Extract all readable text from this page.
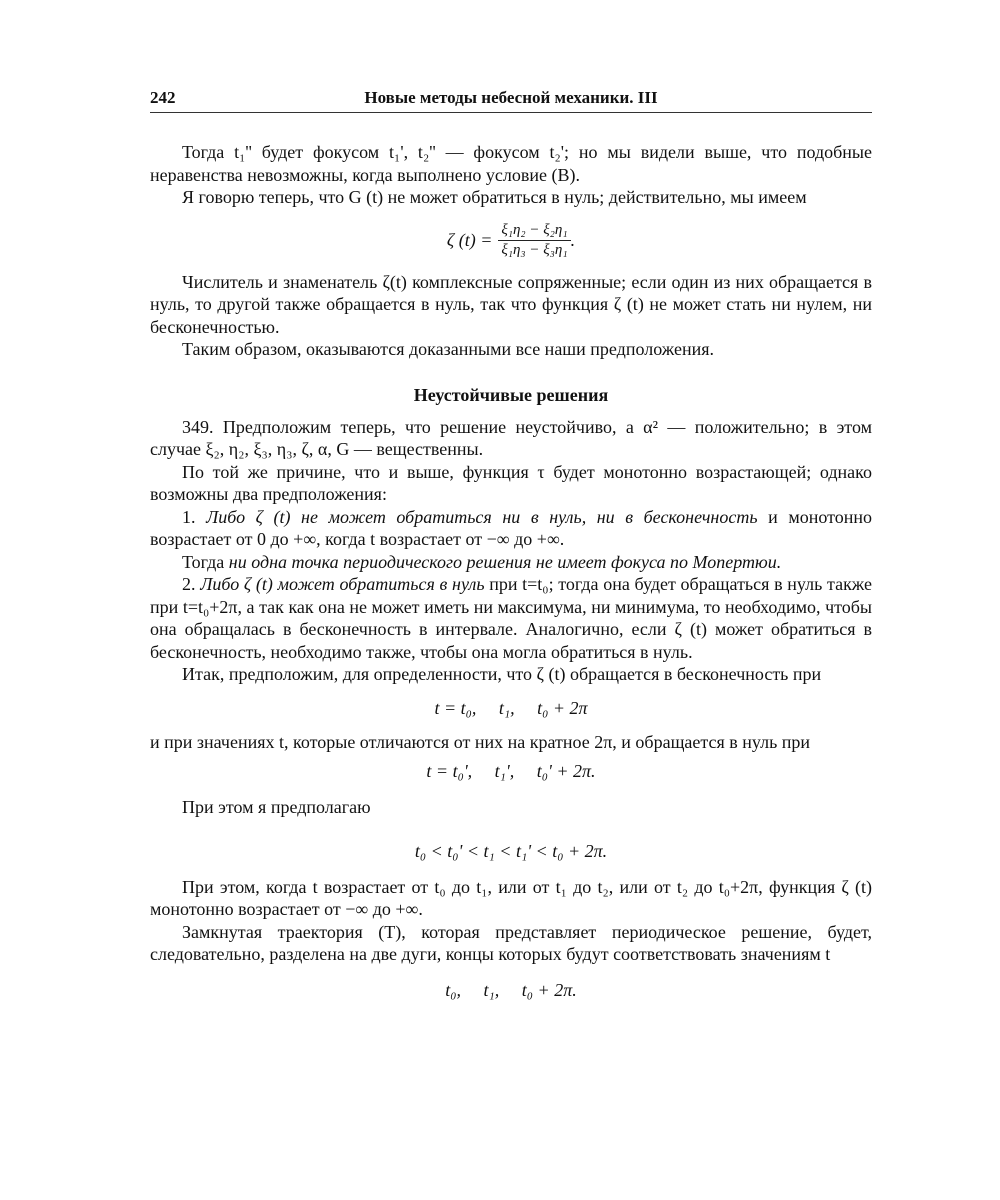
242	Новые методы небесной механики. III

Тогда t₁'' будет фокусом t₁', t₂'' — фокусом t₂'; но мы видели выше, что подобные неравенства невозможны, когда выполнено условие (B).

Я говорю теперь, что G (t) не может обратиться в нуль; действительно, мы имеем

ζ $(t) = \frac{\text{ξ₁η₂ − ξ₂η₁}}{\text{ξ₁η₃ − ξ₃η₁}}$ .

Числитель и знаменатель ζ(t) комплексные сопряженные; если один из них обращается в нуль, то другой также обращается в нуль, так что функция ζ (t) не может стать ни нулем, ни бесконечностью.

Таким образом, оказываются доказанными все наши предположения.

Неустойчивые решения

349. Предположим теперь, что решение неустойчиво, а α² — положительно; в этом случае ξ₂, η₂, ξ₃, η₃, ζ, α, G — вещественны.

По той же причине, что и выше, функция τ будет монотонно возрастающей; однако возможны два предположения:

1. Либо ζ (t) не может обратиться ни в нуль, ни в бесконечность и монотонно возрастает от 0 до +∞, когда t возрастает от −∞ до +∞.

Тогда ни одна точка периодического решения не имеет фокуса по Мопертюи.

2. Либо ζ (t) может обратиться в нуль при t=t₀; тогда она будет обращаться в нуль также при t=t₀+2π, а так как она не может иметь ни максимума, ни минимума, то необходимо, чтобы она обращалась в бесконечность в интервале. Аналогично, если ζ (t) может обратиться в бесконечность, необходимо также, чтобы она могла обратиться в нуль.

Итак, предположим, для определенности, что ζ (t) обращается в бесконечность при

t = t₀,     t₁,     t₀ + 2π

и при значениях t, которые отличаются от них на кратное 2π, и обращается в нуль при

t = t₀',     t₁',     t₀' + 2π.

При этом я предполагаю

t₀ < t₀' < t₁ < t₁' < t₀ + 2π.

При этом, когда t возрастает от t₀ до t₁, или от t₁ до t₂, или от t₂ до t₀+2π, функция ζ (t) монотонно возрастает от −∞ до +∞.

Замкнутая траектория (T), которая представляет периодическое решение, будет, следовательно, разделена на две дуги, концы которых будут соответствовать значениям t

t₀,     t₁,     t₀ + 2π.
